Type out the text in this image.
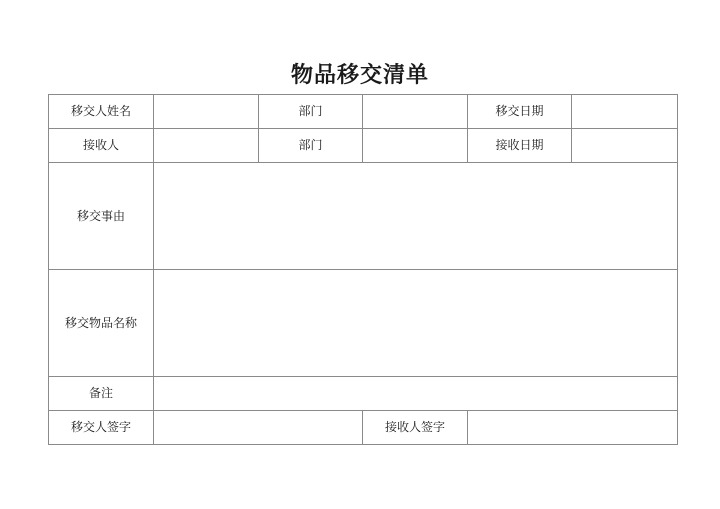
物品移交清单
移交人姓名		部门		移交日期	
接收人		部门		接收日期	
移交事由					
移交物品名称					
备注					
移交人签字			接收人签字		
